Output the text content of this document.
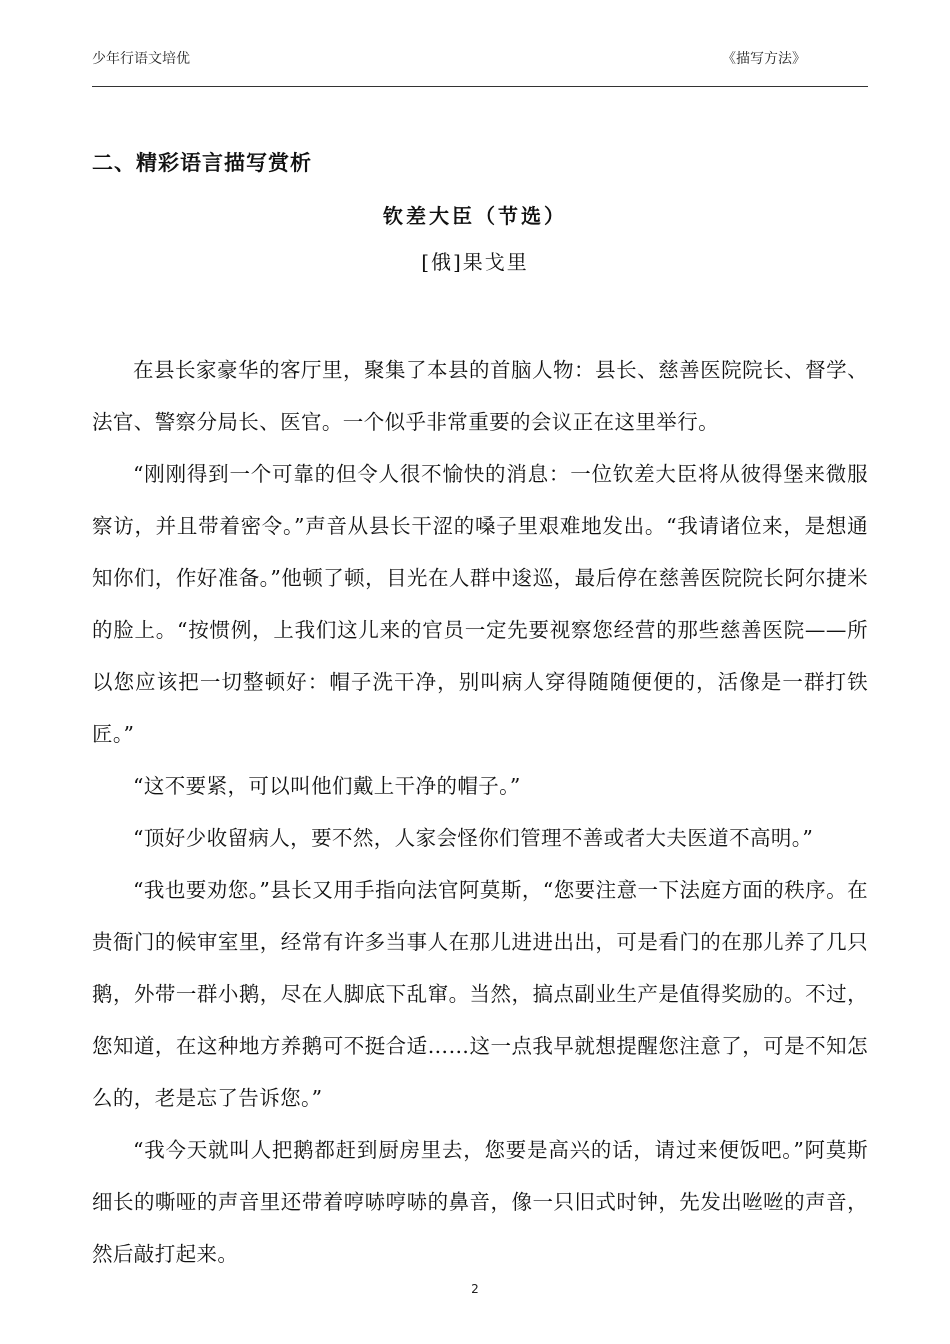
少年行语文培优	《描写方法》
二、精彩语言描写赏析
钦差大臣（节选）
[俄]果戈里

在县长家豪华的客厅里，聚集了本县的首脑人物：县长、慈善医院院长、督学、法官、警察分局长、医官。一个似乎非常重要的会议正在这里举行。

“刚刚得到一个可靠的但令人很不愉快的消息：一位钦差大臣将从彼得堡来微服察访，并且带着密令。”声音从县长干涩的嗓子里艰难地发出。“我请诸位来，是想通知你们，作好准备。”他顿了顿，目光在人群中逡巡，最后停在慈善医院院长阿尔捷米的脸上。“按惯例，上我们这儿来的官员一定先要视察您经营的那些慈善医院——所以您应该把一切整顿好：帽子洗干净，别叫病人穿得随随便便的，活像是一群打铁匠。”

“这不要紧，可以叫他们戴上干净的帽子。”

“顶好少收留病人，要不然，人家会怪你们管理不善或者大夫医道不高明。”

“我也要劝您。”县长又用手指向法官阿莫斯，“您要注意一下法庭方面的秩序。在贵衙门的候审室里，经常有许多当事人在那儿进进出出，可是看门的在那儿养了几只鹅，外带一群小鹅，尽在人脚底下乱窜。当然，搞点副业生产是值得奖励的。不过，您知道，在这种地方养鹅可不挺合适……这一点我早就想提醒您注意了，可是不知怎么的，老是忘了告诉您。”

“我今天就叫人把鹅都赶到厨房里去，您要是高兴的话，请过来便饭吧。”阿莫斯细长的嘶哑的声音里还带着哼哧哼哧的鼻音，像一只旧式时钟，先发出咝咝的声音，然后敲打起来。

2
